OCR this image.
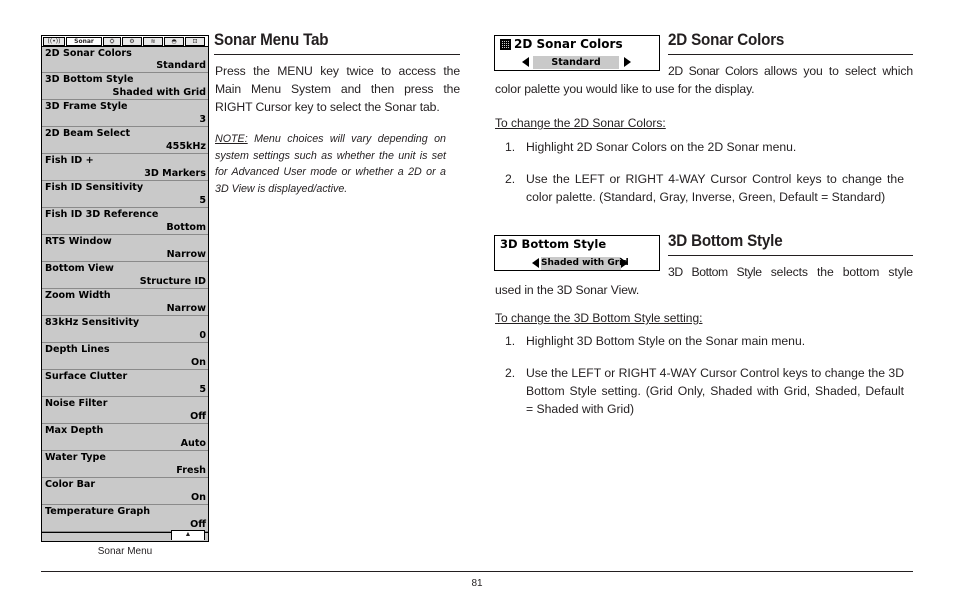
((•))	Sonar	⛭	⚙	≋	◓	⊡
2D Sonar Colors
Standard
3D Bottom Style
Shaded with Grid
3D Frame Style
3
2D Beam Select
455kHz
Fish ID +
3D Markers
Fish ID Sensitivity
5
Fish ID 3D Reference
Bottom
RTS Window
Narrow
Bottom View
Structure ID
Zoom Width
Narrow
83kHz Sensitivity
0
Depth Lines
On
Surface Clutter
5
Noise Filter
Off
Max Depth
Auto
Water Type
Fresh
Color Bar
On
Temperature Graph
Off
▲
Sonar Menu
Sonar Menu Tab
Press the MENU key twice to access the
Main Menu System and then press the
RIGHT Cursor key to select the Sonar tab.
NOTE: Menu choices will vary depending on
system settings such as whether the unit is set
for Advanced User mode or whether a 2D or a
3D View is displayed/active.
2D Sonar Colors
Standard
2D Sonar Colors
2D Sonar Colors allows you to select which
color palette you would like to use for the display.
To change the 2D Sonar Colors:
1. Highlight 2D Sonar Colors on the 2D Sonar menu.
2. Use the LEFT or RIGHT 4-WAY Cursor Control keys to change the
color palette. (Standard, Gray, Inverse, Green, Default = Standard)
3D Bottom Style
Shaded with Grid
3D Bottom Style
3D Bottom Style selects the bottom style
used in the 3D Sonar View.
To change the 3D Bottom Style setting:
1. Highlight 3D Bottom Style on the Sonar main menu.
2. Use the LEFT or RIGHT 4-WAY Cursor Control keys to change the 3D
Bottom Style setting. (Grid Only, Shaded with Grid, Shaded, Default
= Shaded with Grid)
81
